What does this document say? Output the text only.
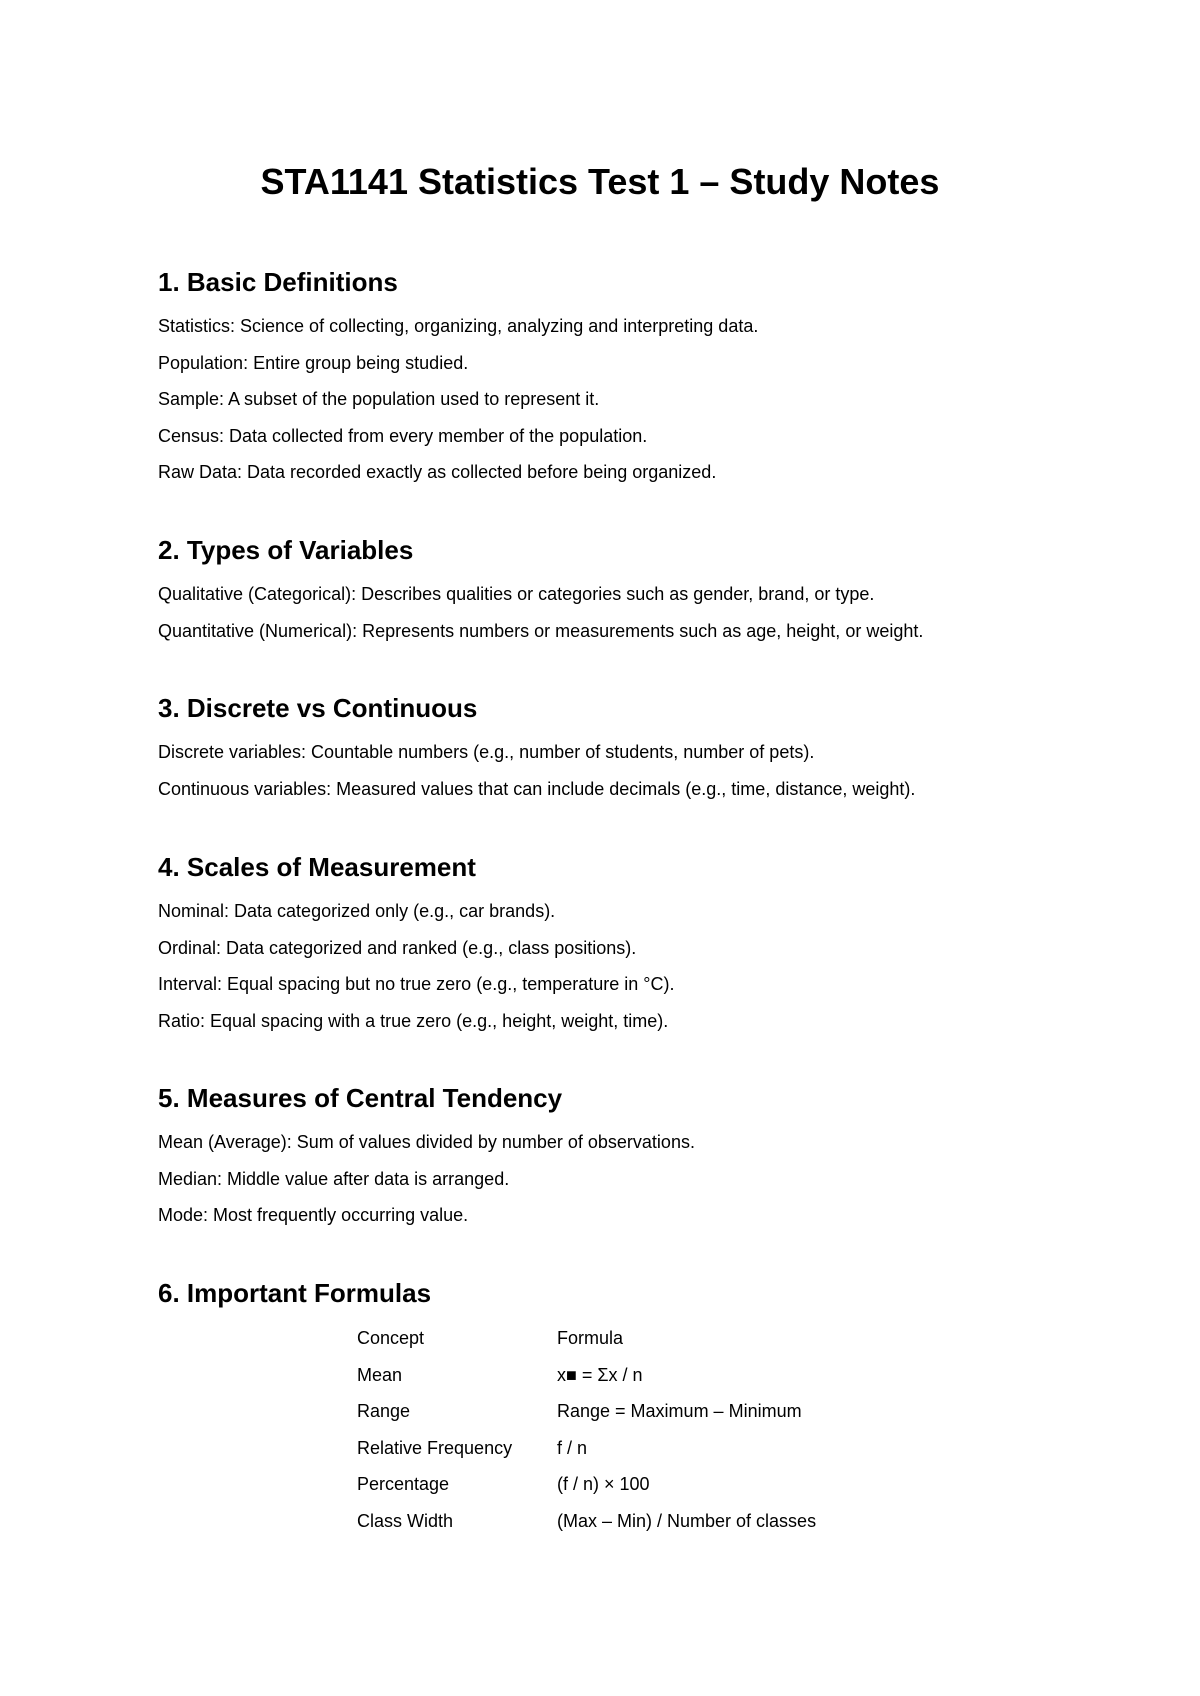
STA1141 Statistics Test 1 – Study Notes
1. Basic Definitions

Statistics: Science of collecting, organizing, analyzing and interpreting data.

Population: Entire group being studied.

Sample: A subset of the population used to represent it.

Census: Data collected from every member of the population.

Raw Data: Data recorded exactly as collected before being organized.

2. Types of Variables

Qualitative (Categorical): Describes qualities or categories such as gender, brand, or type.

Quantitative (Numerical): Represents numbers or measurements such as age, height, or weight.

3. Discrete vs Continuous

Discrete variables: Countable numbers (e.g., number of students, number of pets).

Continuous variables: Measured values that can include decimals (e.g., time, distance, weight).

4. Scales of Measurement

Nominal: Data categorized only (e.g., car brands).

Ordinal: Data categorized and ranked (e.g., class positions).

Interval: Equal spacing but no true zero (e.g., temperature in °C).

Ratio: Equal spacing with a true zero (e.g., height, weight, time).

5. Measures of Central Tendency

Mean (Average): Sum of values divided by number of observations.

Median: Middle value after data is arranged.

Mode: Most frequently occurring value.

6. Important Formulas
Concept	Formula
Mean	x■ = Σx / n
Range	Range = Maximum – Minimum
Relative Frequency	f / n
Percentage	(f / n) × 100
Class Width	(Max – Min) / Number of classes
